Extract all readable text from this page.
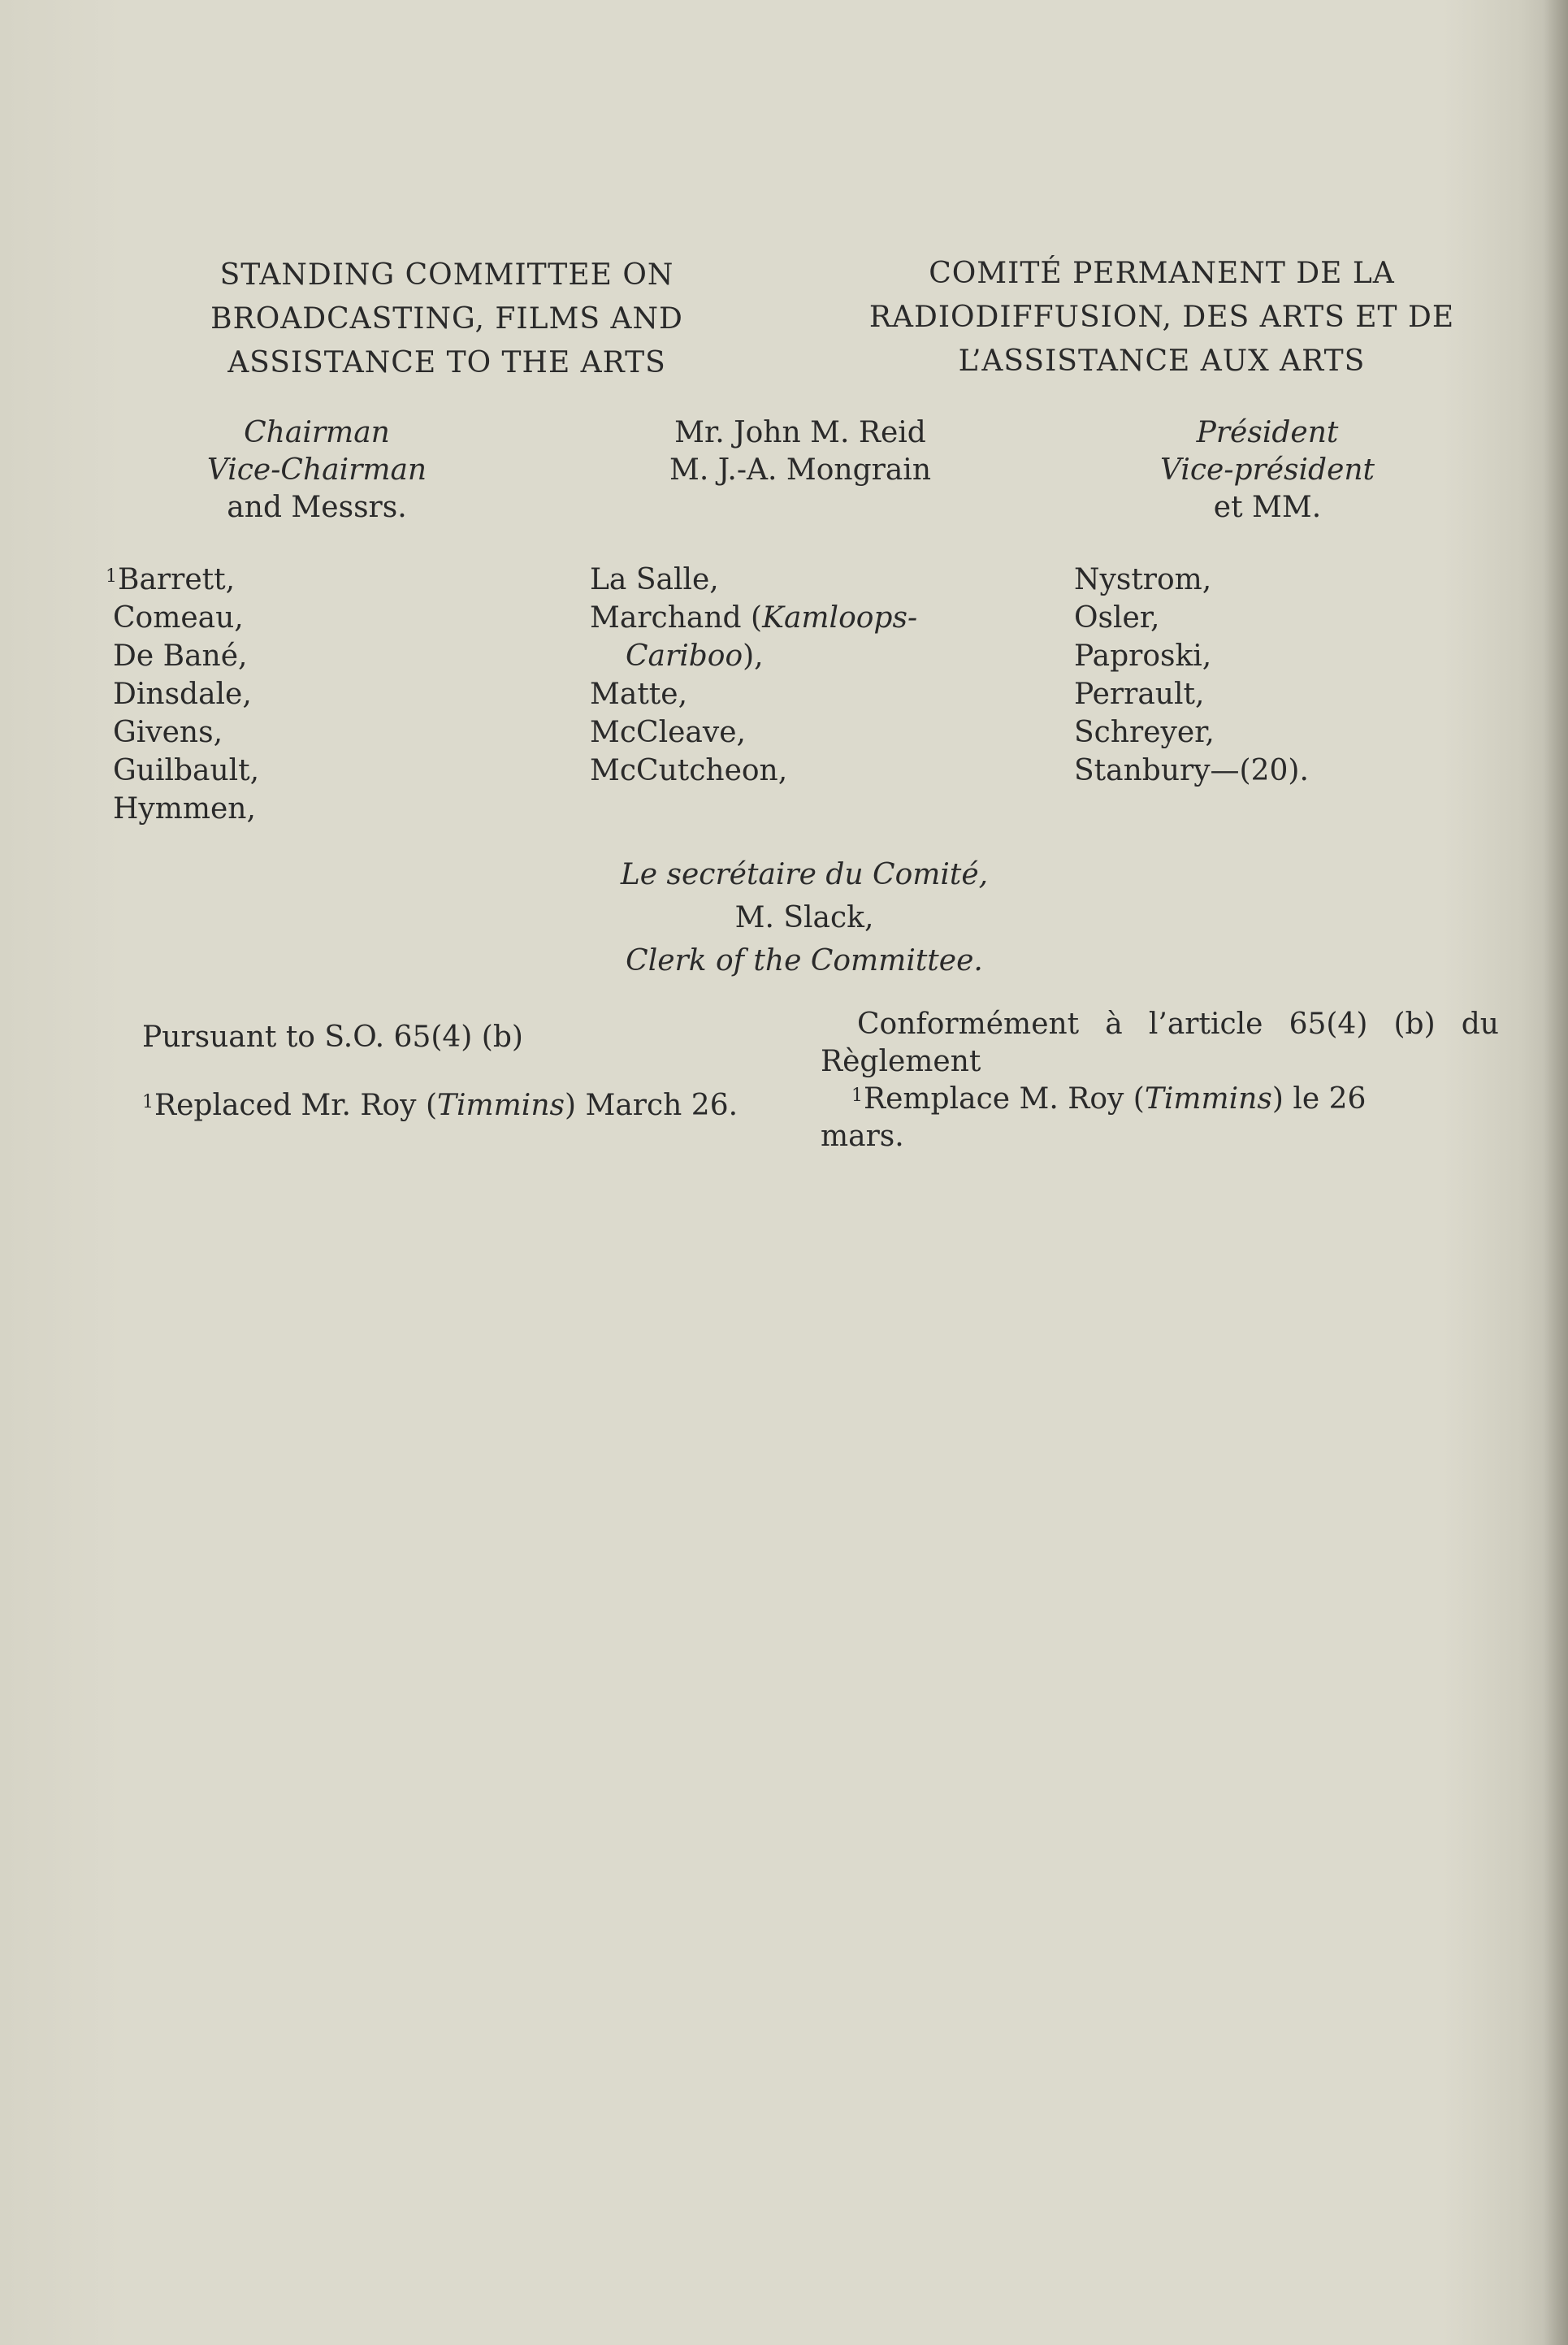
STANDING COMMITTEE ON
BROADCASTING, FILMS AND
ASSISTANCE TO THE ARTS
COMITÉ PERMANENT DE LA
RADIODIFFUSION, DES ARTS ET DE
L’ASSISTANCE AUX ARTS
Chairman
Vice-Chairman
and Messrs.
Mr. John M. Reid
M. J.-A. Mongrain
Président
Vice-président
et MM.
$^1$Barrett,
Comeau,
De Bané,
Dinsdale,
Givens,
Guilbault,
Hymmen,
La Salle,
Marchand (Kamloops-
Cariboo),
Matte,
McCleave,
McCutcheon,
Nystrom,
Osler,
Paproski,
Perrault,
Schreyer,
Stanbury—(20).
Le secrétaire du Comité,
M. Slack,
Clerk of the Committee.
Pursuant to S.O. 65(4) (b)
$^1$Replaced Mr. Roy (Timmins) March 26.
Conformément à l’article 65(4) (b) du
Règlement
$^1$Remplace M. Roy (Timmins) le 26
mars.
